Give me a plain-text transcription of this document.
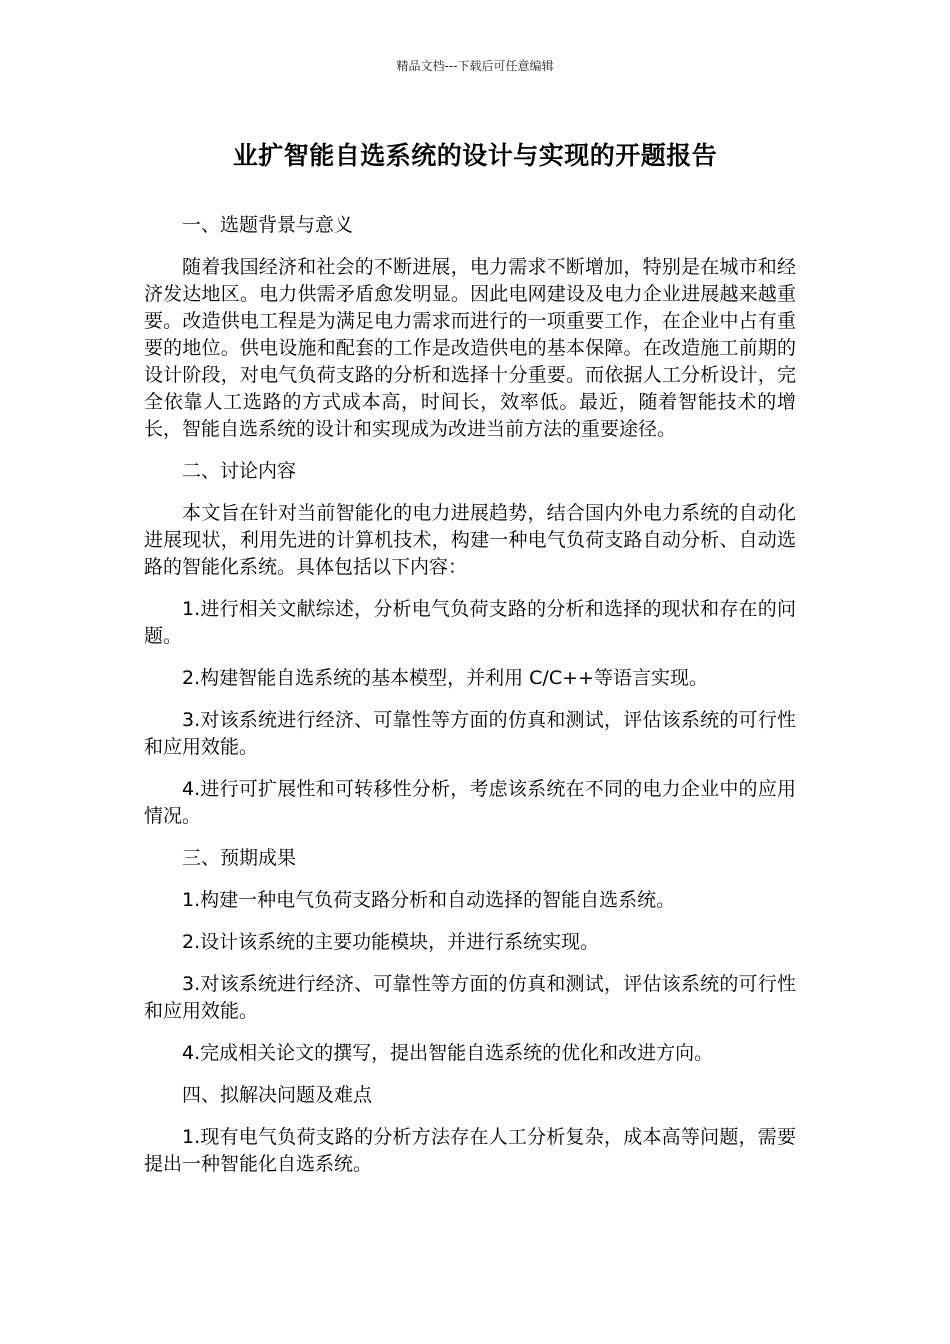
精品文档---下载后可任意编辑
业扩智能自选系统的设计与实现的开题报告

一、选题背景与意义

随着我国经济和社会的不断进展，电力需求不断增加，特别是在城市和经济发达地区。电力供需矛盾愈发明显。因此电网建设及电力企业进展越来越重要。改造供电工程是为满足电力需求而进行的一项重要工作，在企业中占有重要的地位。供电设施和配套的工作是改造供电的基本保障。在改造施工前期的设计阶段，对电气负荷支路的分析和选择十分重要。而依据人工分析设计，完全依靠人工选路的方式成本高，时间长，效率低。最近，随着智能技术的增长，智能自选系统的设计和实现成为改进当前方法的重要途径。

二、讨论内容

本文旨在针对当前智能化的电力进展趋势，结合国内外电力系统的自动化进展现状，利用先进的计算机技术，构建一种电气负荷支路自动分析、自动选路的智能化系统。具体包括以下内容：

1.进行相关文献综述，分析电气负荷支路的分析和选择的现状和存在的问题。

2.构建智能自选系统的基本模型，并利用 C/C++等语言实现。

3.对该系统进行经济、可靠性等方面的仿真和测试，评估该系统的可行性和应用效能。

4.进行可扩展性和可转移性分析，考虑该系统在不同的电力企业中的应用情况。

三、预期成果

1.构建一种电气负荷支路分析和自动选择的智能自选系统。

2.设计该系统的主要功能模块，并进行系统实现。

3.对该系统进行经济、可靠性等方面的仿真和测试，评估该系统的可行性和应用效能。

4.完成相关论文的撰写，提出智能自选系统的优化和改进方向。

四、拟解决问题及难点

1.现有电气负荷支路的分析方法存在人工分析复杂，成本高等问题，需要提出一种智能化自选系统。
